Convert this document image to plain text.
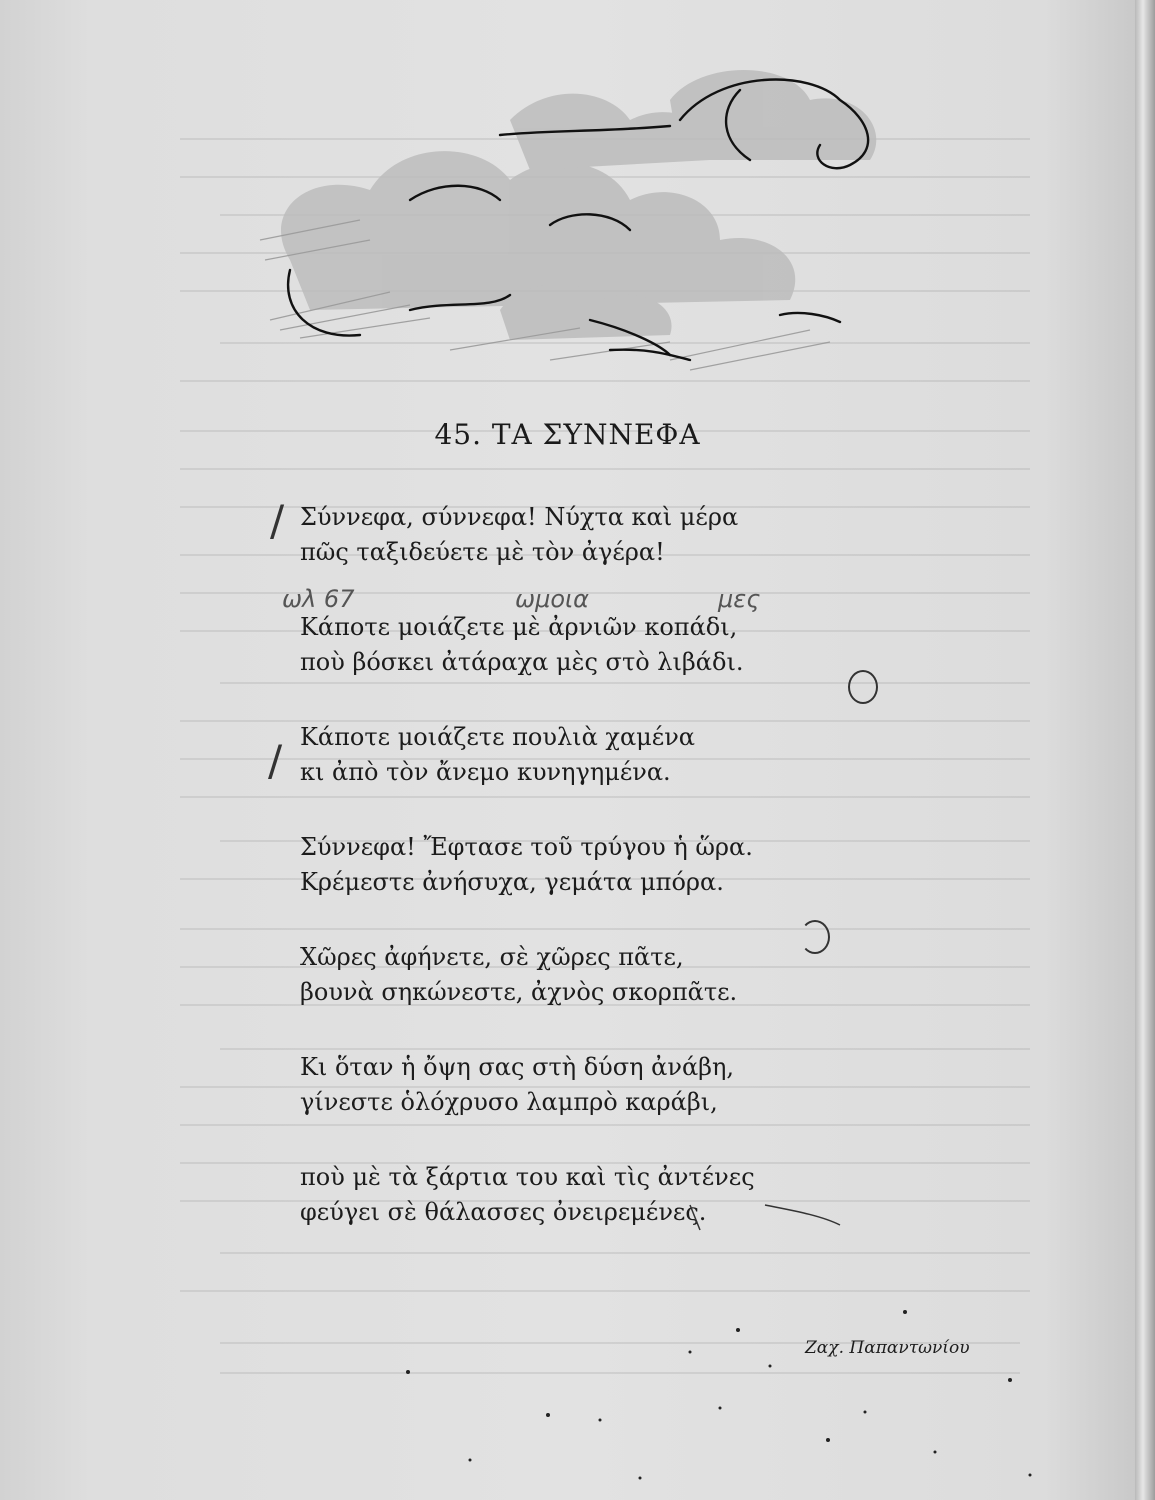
45. ΤΑ ΣΥΝΝΕΦΑ
Σύννεφα, σύννεφα! Νύχτα καὶ μέρα
πῶς ταξιδεύετε μὲ τὸν ἀγέρα!
Κάποτε μοιάζετε μὲ ἀρνιῶν κοπάδι,
ποὺ βόσκει ἀτάραχα μὲς στὸ λιβάδι.
Κάποτε μοιάζετε πουλιὰ χαμένα
κι ἀπὸ τὸν ἄνεμο κυνηγημένα.
Σύννεφα! Ἔφτασε τοῦ τρύγου ἡ ὥρα.
Κρέμεστε ἀνήσυχα, γεμάτα μπόρα.
Χῶρες ἀφήνετε, σὲ χῶρες πᾶτε,
βουνὰ σηκώνεστε, ἀχνὸς σκορπᾶτε.
Κι ὅταν ἡ ὄψη σας στὴ δύση ἀνάβη,
γίνεστε ὁλόχρυσο λαμπρὸ καράβι,
ποὺ μὲ τὰ ξάρτια του καὶ τὶς ἀντένες
φεύγει σὲ θάλασσες ὀνειρεμένες.
Ζαχ. Παπαντωνίου
/
/
ωλ 67	ωμοια	μες
